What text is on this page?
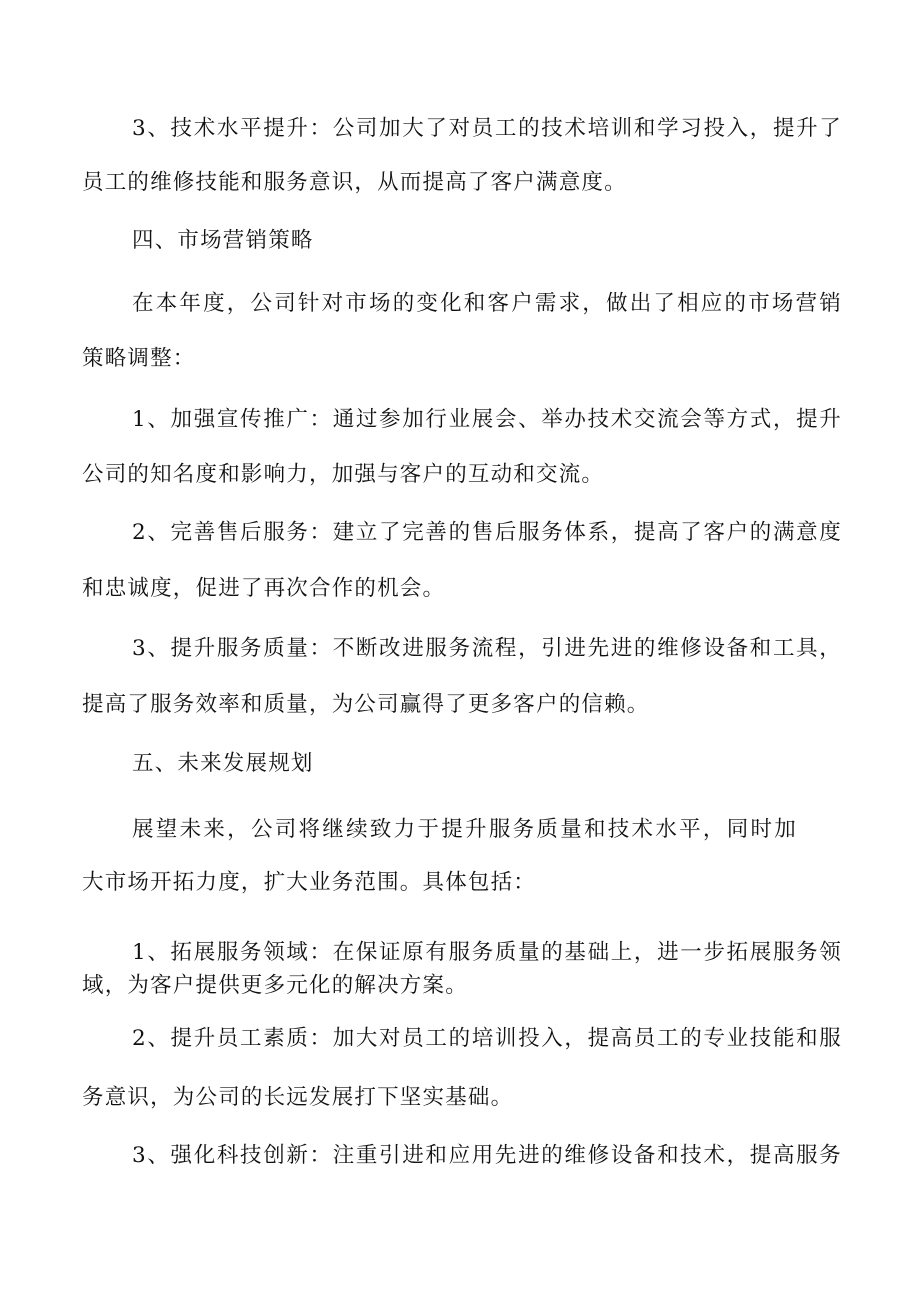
3、技术水平提升：公司加大了对员工的技术培训和学习投入，提升了

员工的维修技能和服务意识，从而提高了客户满意度。

四、市场营销策略

在本年度，公司针对市场的变化和客户需求，做出了相应的市场营销

策略调整：

1、加强宣传推广：通过参加行业展会、举办技术交流会等方式，提升

公司的知名度和影响力，加强与客户的互动和交流。

2、完善售后服务：建立了完善的售后服务体系，提高了客户的满意度

和忠诚度，促进了再次合作的机会。

3、提升服务质量：不断改进服务流程，引进先进的维修设备和工具，

提高了服务效率和质量，为公司赢得了更多客户的信赖。

五、未来发展规划

展望未来，公司将继续致力于提升服务质量和技术水平，同时加

大市场开拓力度，扩大业务范围。具体包括：

1、拓展服务领域：在保证原有服务质量的基础上，进一步拓展服务领

域，为客户提供更多元化的解决方案。

2、提升员工素质：加大对员工的培训投入，提高员工的专业技能和服

务意识，为公司的长远发展打下坚实基础。

3、强化科技创新：注重引进和应用先进的维修设备和技术，提高服务
